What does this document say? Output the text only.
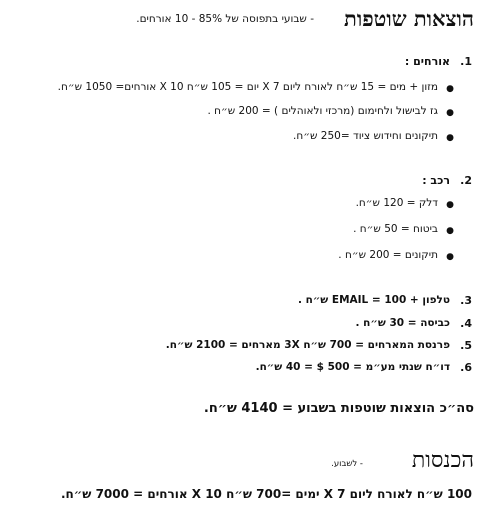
הוצאות שוטפות
- שבועי בתפוסה של 85% - 10 אורחים.
1.
אורחים :
●
מזון + מים = 15 ש״ח לאורח ליום X 7 יום = 105 ש״ח X 10 אורחים= 1050 ש״ח.
●
גז לבישול ולחימום (מרכזי ולאוהלים ) = 200 ש״ח .
●
תיקונים וחידוש ציוד =250 ש״ח.
2.
רכב :
●
דלק = 120 ש״ח.
●
ביטוח = 50 ש״ח .
●
תיקונים = 200 ש״ח .
3.
טלפון + EMAIL = 100 ש״ח .
4.
כביסה = 30 ש״ח .
5.
פרנסת המארחים = 700 ש״ח 3X מארחים = 2100 ש״ח.
6.
דו״ח שנתי מע״מ = 500 $ = 40 ש״ח.
סה״כ הוצאות שוטפות בשבוע = 4140 ש״ח.
הכנסות
- לשבוע.
100 ש״ח לאורח ליום X 7 ימים =700 ש״ח X 10 אורחים = 7000 ש״ח.
